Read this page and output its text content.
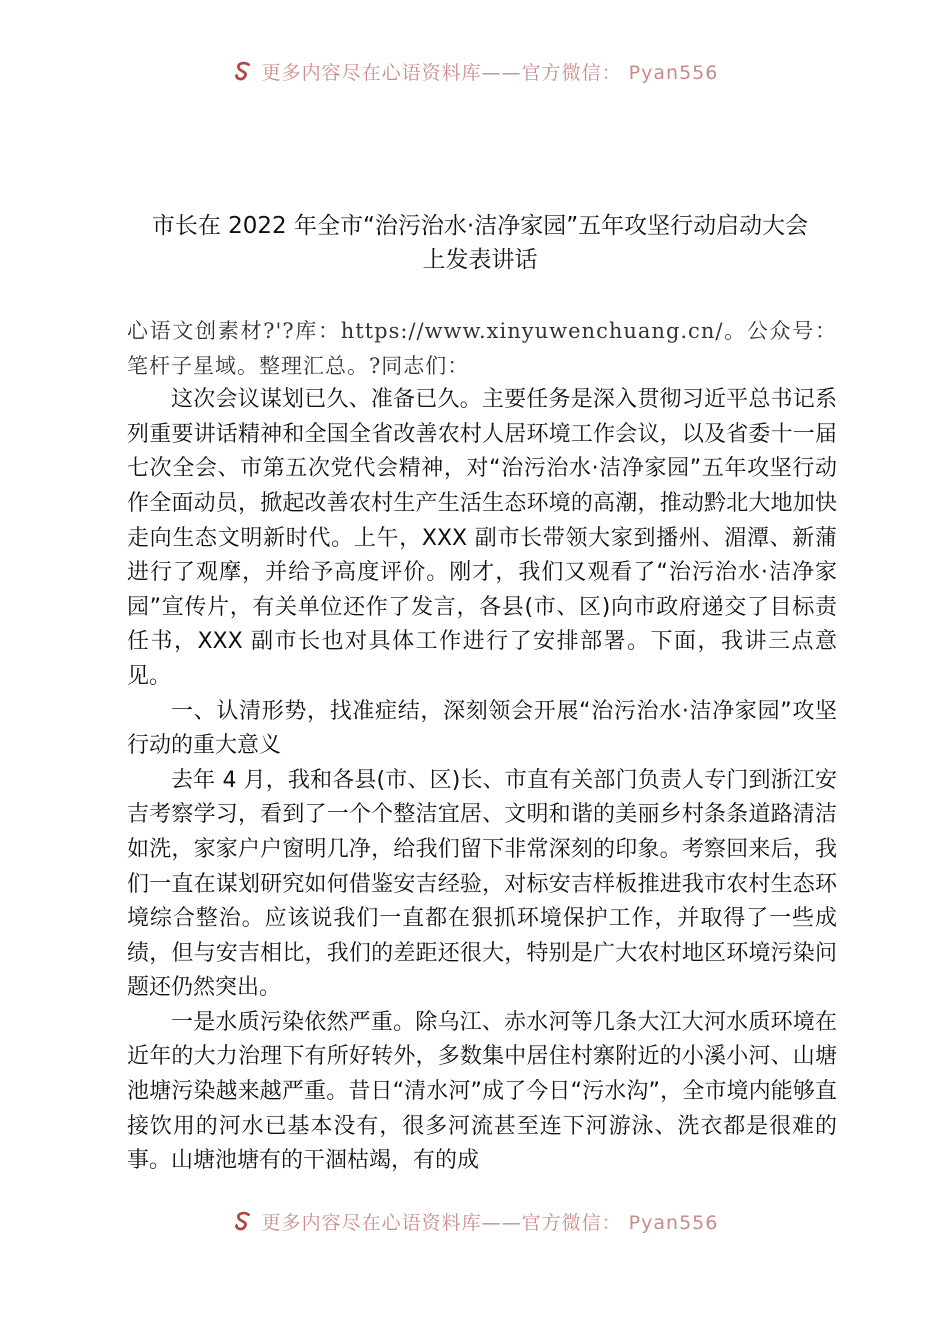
更多内容尽在心语资料库——官方微信： Pyan556
市长在 2022 年全市“治污治水·洁净家园”五年攻坚行动启动大会
上发表讲话

心语文创素材?'?库：https://www.xinyuwenchuang.cn/。公众号：笔杆子星域。整理汇总。?同志们：

这次会议谋划已久、准备已久。主要任务是深入贯彻习近平总书记系列重要讲话精神和全国全省改善农村人居环境工作会议，以及省委十一届七次全会、市第五次党代会精神，对“治污治水·洁净家园”五年攻坚行动作全面动员，掀起改善农村生产生活生态环境的高潮，推动黔北大地加快走向生态文明新时代。上午，XXX 副市长带领大家到播州、湄潭、新蒲进行了观摩，并给予高度评价。刚才，我们又观看了“治污治水·洁净家园”宣传片，有关单位还作了发言，各县(市、区)向市政府递交了目标责任书，XXX 副市长也对具体工作进行了安排部署。下面，我讲三点意见。

一、认清形势，找准症结，深刻领会开展“治污治水·洁净家园”攻坚行动的重大意义

去年 4 月，我和各县(市、区)长、市直有关部门负责人专门到浙江安吉考察学习，看到了一个个整洁宜居、文明和谐的美丽乡村条条道路清洁如洗，家家户户窗明几净，给我们留下非常深刻的印象。考察回来后，我们一直在谋划研究如何借鉴安吉经验，对标安吉样板推进我市农村生态环境综合整治。应该说我们一直都在狠抓环境保护工作，并取得了一些成绩，但与安吉相比，我们的差距还很大，特别是广大农村地区环境污染问题还仍然突出。

一是水质污染依然严重。除乌江、赤水河等几条大江大河水质环境在近年的大力治理下有所好转外，多数集中居住村寨附近的小溪小河、山塘池塘污染越来越严重。昔日“清水河”成了今日“污水沟”，全市境内能够直接饮用的河水已基本没有，很多河流甚至连下河游泳、洗衣都是很难的事。山塘池塘有的干涸枯竭，有的成

更多内容尽在心语资料库——官方微信： Pyan556
